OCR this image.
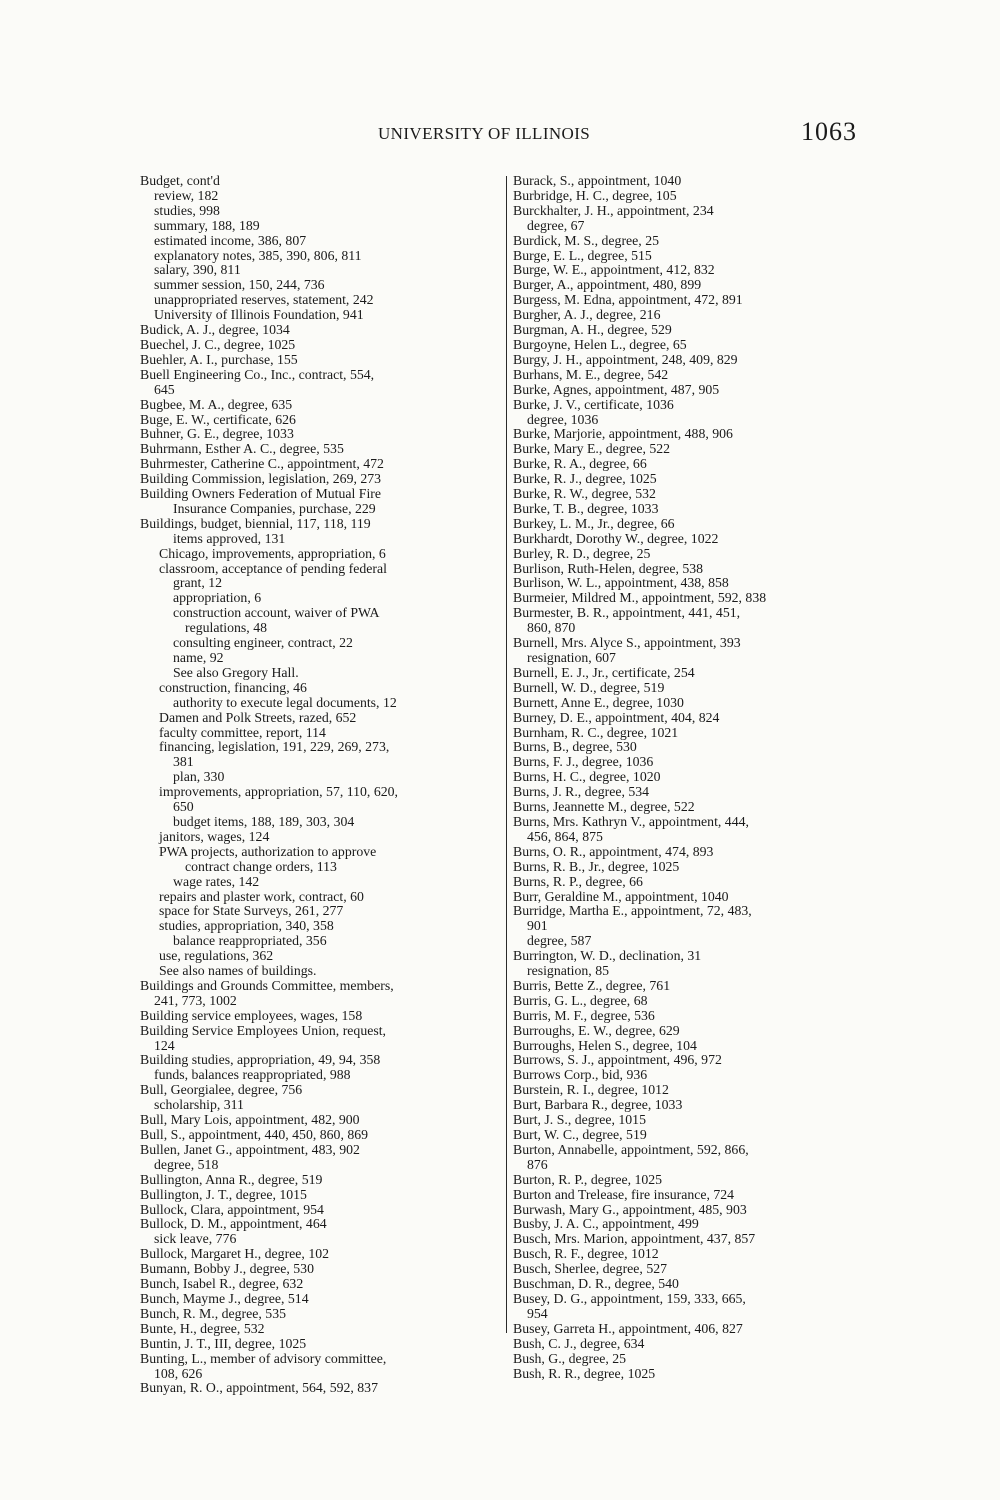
UNIVERSITY OF ILLINOIS	1063
Budget, cont'd
review, 182
studies, 998
summary, 188, 189
estimated income, 386, 807
explanatory notes, 385, 390, 806, 811
salary, 390, 811
summer session, 150, 244, 736
unappropriated reserves, statement, 242
University of Illinois Foundation, 941
Budick, A. J., degree, 1034
Buechel, J. C., degree, 1025
Buehler, A. I., purchase, 155
Buell Engineering Co., Inc., contract, 554,
645
Bugbee, M. A., degree, 635
Buge, E. W., certificate, 626
Buhner, G. E., degree, 1033
Buhrmann, Esther A. C., degree, 535
Buhrmester, Catherine C., appointment, 472
Building Commission, legislation, 269, 273
Building Owners Federation of Mutual Fire
Insurance Companies, purchase, 229
Buildings, budget, biennial, 117, 118, 119
items approved, 131
Chicago, improvements, appropriation, 6
classroom, acceptance of pending federal
grant, 12
appropriation, 6
construction account, waiver of PWA
regulations, 48
consulting engineer, contract, 22
name, 92
See also Gregory Hall.
construction, financing, 46
authority to execute legal documents, 12
Damen and Polk Streets, razed, 652
faculty committee, report, 114
financing, legislation, 191, 229, 269, 273,
381
plan, 330
improvements, appropriation, 57, 110, 620,
650
budget items, 188, 189, 303, 304
janitors, wages, 124
PWA projects, authorization to approve
contract change orders, 113
wage rates, 142
repairs and plaster work, contract, 60
space for State Surveys, 261, 277
studies, appropriation, 340, 358
balance reappropriated, 356
use, regulations, 362
See also names of buildings.
Buildings and Grounds Committee, members,
241, 773, 1002
Building service employees, wages, 158
Building Service Employees Union, request,
124
Building studies, appropriation, 49, 94, 358
funds, balances reappropriated, 988
Bull, Georgialee, degree, 756
scholarship, 311
Bull, Mary Lois, appointment, 482, 900
Bull, S., appointment, 440, 450, 860, 869
Bullen, Janet G., appointment, 483, 902
degree, 518
Bullington, Anna R., degree, 519
Bullington, J. T., degree, 1015
Bullock, Clara, appointment, 954
Bullock, D. M., appointment, 464
sick leave, 776
Bullock, Margaret H., degree, 102
Bumann, Bobby J., degree, 530
Bunch, Isabel R., degree, 632
Bunch, Mayme J., degree, 514
Bunch, R. M., degree, 535
Bunte, H., degree, 532
Buntin, J. T., III, degree, 1025
Bunting, L., member of advisory committee,
108, 626
Bunyan, R. O., appointment, 564, 592, 837
Burack, S., appointment, 1040
Burbridge, H. C., degree, 105
Burckhalter, J. H., appointment, 234
degree, 67
Burdick, M. S., degree, 25
Burge, E. L., degree, 515
Burge, W. E., appointment, 412, 832
Burger, A., appointment, 480, 899
Burgess, M. Edna, appointment, 472, 891
Burgher, A. J., degree, 216
Burgman, A. H., degree, 529
Burgoyne, Helen L., degree, 65
Burgy, J. H., appointment, 248, 409, 829
Burhans, M. E., degree, 542
Burke, Agnes, appointment, 487, 905
Burke, J. V., certificate, 1036
degree, 1036
Burke, Marjorie, appointment, 488, 906
Burke, Mary E., degree, 522
Burke, R. A., degree, 66
Burke, R. J., degree, 1025
Burke, R. W., degree, 532
Burke, T. B., degree, 1033
Burkey, L. M., Jr., degree, 66
Burkhardt, Dorothy W., degree, 1022
Burley, R. D., degree, 25
Burlison, Ruth-Helen, degree, 538
Burlison, W. L., appointment, 438, 858
Burmeier, Mildred M., appointment, 592, 838
Burmester, B. R., appointment, 441, 451,
860, 870
Burnell, Mrs. Alyce S., appointment, 393
resignation, 607
Burnell, E. J., Jr., certificate, 254
Burnell, W. D., degree, 519
Burnett, Anne E., degree, 1030
Burney, D. E., appointment, 404, 824
Burnham, R. C., degree, 1021
Burns, B., degree, 530
Burns, F. J., degree, 1036
Burns, H. C., degree, 1020
Burns, J. R., degree, 534
Burns, Jeannette M., degree, 522
Burns, Mrs. Kathryn V., appointment, 444,
456, 864, 875
Burns, O. R., appointment, 474, 893
Burns, R. B., Jr., degree, 1025
Burns, R. P., degree, 66
Burr, Geraldine M., appointment, 1040
Burridge, Martha E., appointment, 72, 483,
901
degree, 587
Burrington, W. D., declination, 31
resignation, 85
Burris, Bette Z., degree, 761
Burris, G. L., degree, 68
Burris, M. F., degree, 536
Burroughs, E. W., degree, 629
Burroughs, Helen S., degree, 104
Burrows, S. J., appointment, 496, 972
Burrows Corp., bid, 936
Burstein, R. I., degree, 1012
Burt, Barbara R., degree, 1033
Burt, J. S., degree, 1015
Burt, W. C., degree, 519
Burton, Annabelle, appointment, 592, 866,
876
Burton, R. P., degree, 1025
Burton and Trelease, fire insurance, 724
Burwash, Mary G., appointment, 485, 903
Busby, J. A. C., appointment, 499
Busch, Mrs. Marion, appointment, 437, 857
Busch, R. F., degree, 1012
Busch, Sherlee, degree, 527
Buschman, D. R., degree, 540
Busey, D. G., appointment, 159, 333, 665,
954
Busey, Garreta H., appointment, 406, 827
Bush, C. J., degree, 634
Bush, G., degree, 25
Bush, R. R., degree, 1025
